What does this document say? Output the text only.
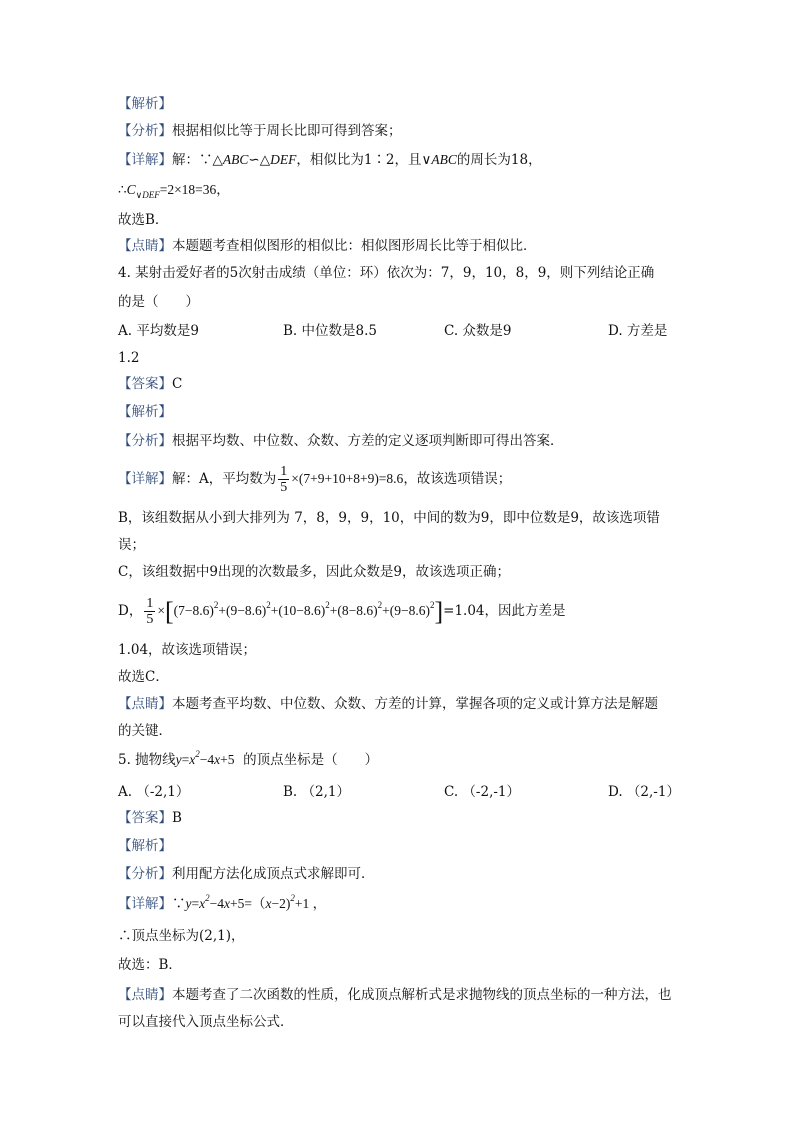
【解析】
【分析】根据相似比等于周长比即可得到答案；
【详解】解：∵△ABC∽△DEF，相似比为1∶2，且∨ABC的周长为18，
$\therefore C_{\vee DEF}=2\times 18=36$，
故选B．
【点睛】本题题考查相似图形的相似比：相似图形周长比等于相似比．
4. 某射击爱好者的5次射击成绩（单位：环）依次为：7，9，10，8，9，则下列结论正确
的是（　　）
A. 平均数是9	B. 中位数是8.5	C. 众数是9	D. 方差是
1.2
【答案】C
【解析】
【分析】根据平均数、中位数、众数、方差的定义逐项判断即可得出答案．
【详解】解：A，平均数为 $\frac{1}{5} \times(7+9+10+8+9)=8.6$，故该选项错误；
B，该组数据从小到大排列为 7，8，9，9，10，中间的数为9，即中位数是9，故该选项错
误；
C，该组数据中9出现的次数最多，因此众数是9，故该选项正确；
D， $\frac{1}{5} \times[(7-8.6)^2+(9-8.6)^2+(10-8.6)^2+(8-8.6)^2+(9-8.6)^2]=1.04$，因此方差是
1.04，故该选项错误；
故选C．
【点睛】本题考查平均数、中位数、众数、方差的计算，掌握各项的定义或计算方法是解题
的关键．
5. 抛物线$y=x^2-4x+5$ 的顶点坐标是（　　）
A. （-2,1）	B. （2,1）	C. （-2,-1）	D. （2,-1）
【答案】B
【解析】
【分析】利用配方法化成顶点式求解即可．
【详解】$\because y=x^2-4x+5=(x-2)^2+1$ ，
∴顶点坐标为(2,1)，
故选：B．
【点睛】本题考查了二次函数的性质，化成顶点解析式是求抛物线的顶点坐标的一种方法，也
可以直接代入顶点坐标公式．
